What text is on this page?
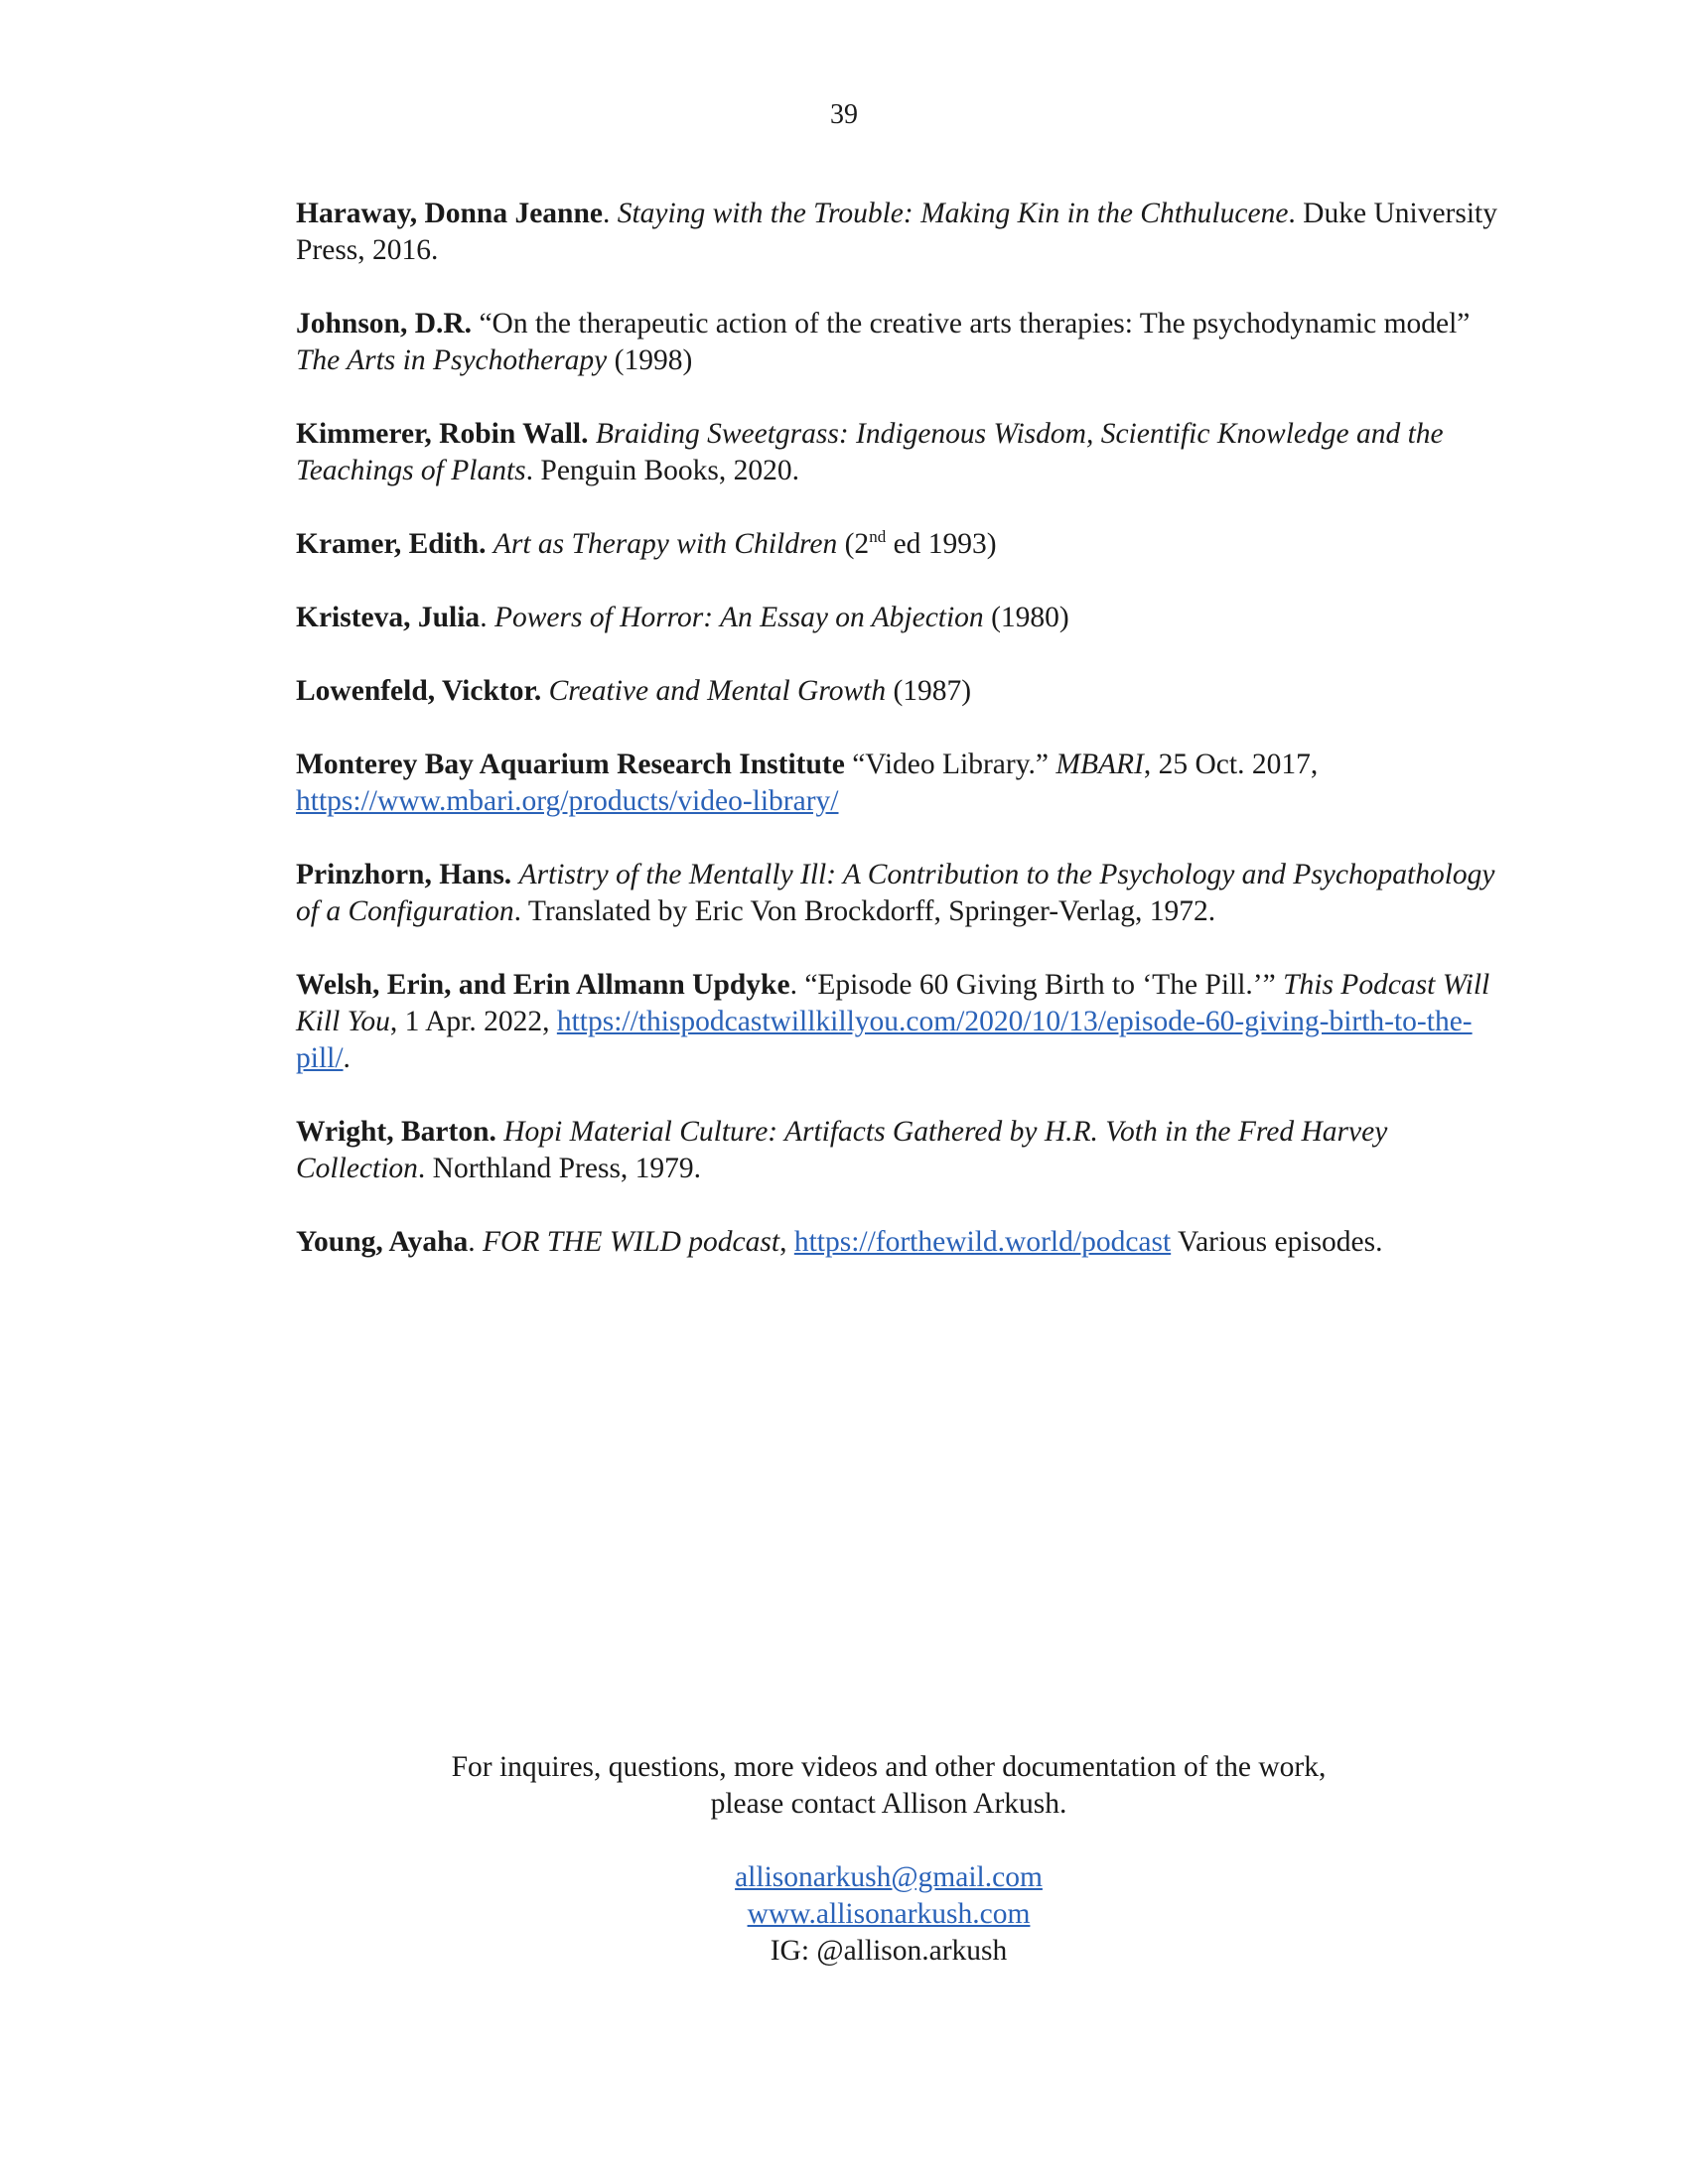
39

Haraway, Donna Jeanne. Staying with the Trouble: Making Kin in the Chthulucene. Duke University Press, 2016.

Johnson, D.R. “On the therapeutic action of the creative arts therapies: The psychodynamic model” The Arts in Psychotherapy (1998)

Kimmerer, Robin Wall. Braiding Sweetgrass: Indigenous Wisdom, Scientific Knowledge and the Teachings of Plants. Penguin Books, 2020.

Kramer, Edith. Art as Therapy with Children (2nd ed 1993)

Kristeva, Julia. Powers of Horror: An Essay on Abjection (1980)

Lowenfeld, Vicktor. Creative and Mental Growth (1987)

Monterey Bay Aquarium Research Institute “Video Library.” MBARI, 25 Oct. 2017, https://www.mbari.org/products/video-library/

Prinzhorn, Hans. Artistry of the Mentally Ill: A Contribution to the Psychology and Psychopathology of a Configuration. Translated by Eric Von Brockdorff, Springer-Verlag, 1972.

Welsh, Erin, and Erin Allmann Updyke. “Episode 60 Giving Birth to ‘The Pill.’” This Podcast Will Kill You, 1 Apr. 2022, https://thispodcastwillkillyou.com/2020/10/13/episode-60-giving-birth-to-the-pill/.

Wright, Barton. Hopi Material Culture: Artifacts Gathered by H.R. Voth in the Fred Harvey Collection. Northland Press, 1979.

Young, Ayaha. FOR THE WILD podcast, https://forthewild.world/podcast Various episodes.

For inquires, questions, more videos and other documentation of the work,

please contact Allison Arkush.

allisonarkush@gmail.com

www.allisonarkush.com

IG: @allison.arkush
